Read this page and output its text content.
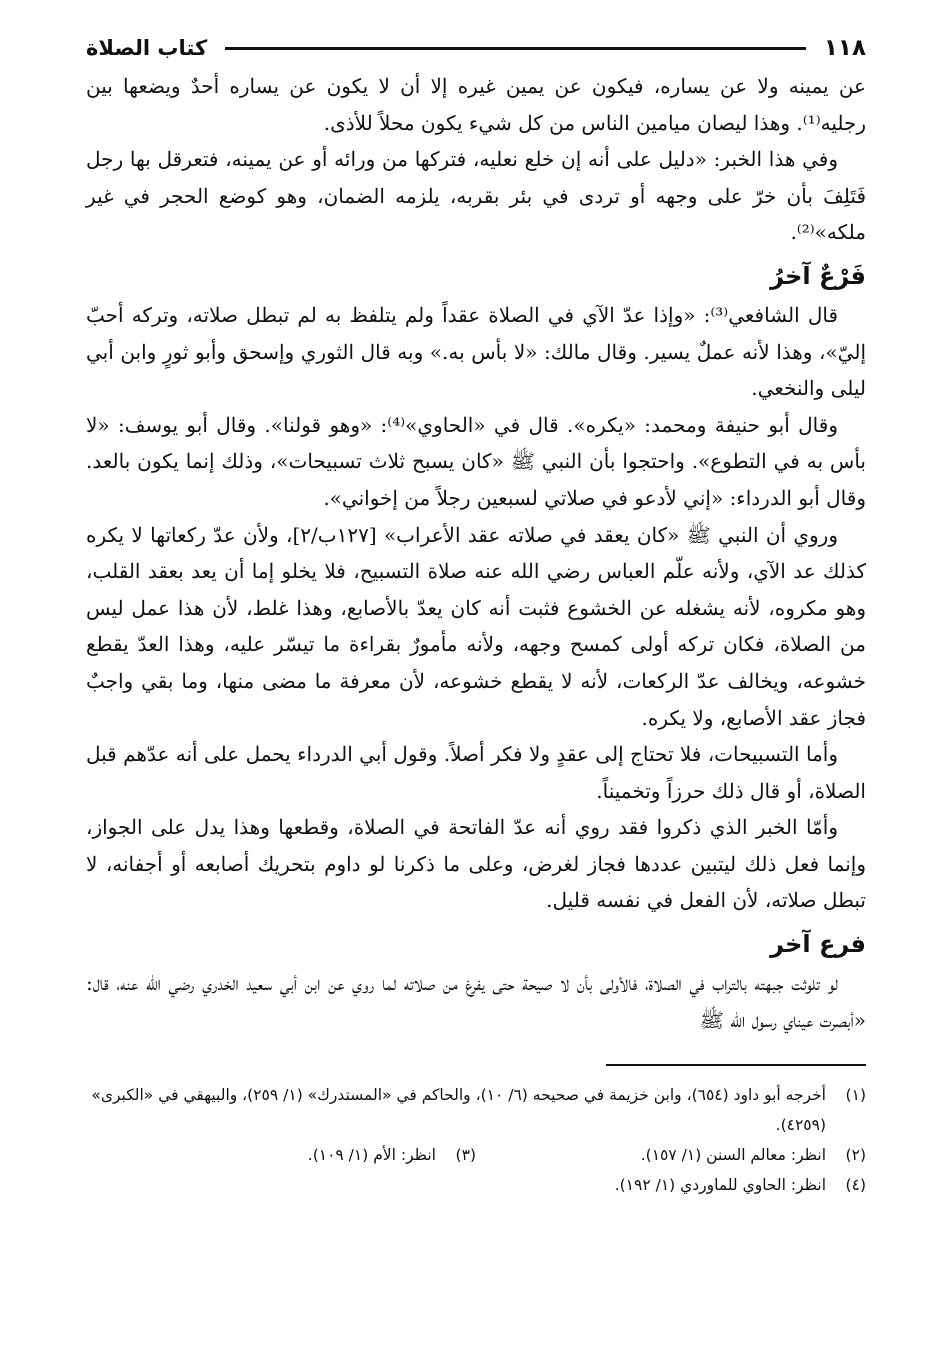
١١٨
كتاب الصلاة

عن يمينه ولا عن يساره، فيكون عن يمين غيره إلا أن لا يكون عن يساره أحدٌ ويضعها بين رجليه⁽¹⁾. وهذا ليصان ميامين الناس من كل شيء يكون محلاً للأذى.

وفي هذا الخبر: «دليل على أنه إن خلع نعليه، فتركها من ورائه أو عن يمينه، فتعرقل بها رجل فَتَلِفَ بأن خرّ على وجهه أو تردى في بئر بقربه، يلزمه الضمان، وهو كوضع الحجر في غير ملكه»⁽²⁾.

فَرْعٌ آخرُ

قال الشافعي⁽³⁾: «وإذا عدّ الآي في الصلاة عقداً ولم يتلفظ به لم تبطل صلاته، وتركه أحبّ إليّ»، وهذا لأنه عملٌ يسير. وقال مالك: «لا بأس به.» وبه قال الثوري وإسحق وأبو ثورٍ وابن أبي ليلى والنخعي.

وقال أبو حنيفة ومحمد: «يكره». قال في «الحاوي»⁽⁴⁾: «وهو قولنا». وقال أبو يوسف: «لا بأس به في التطوع». واحتجوا بأن النبي ﷺ «كان يسبح ثلاث تسبيحات»، وذلك إنما يكون بالعد. وقال أبو الدرداء: «إني لأدعو في صلاتي لسبعين رجلاً من إخواني».

وروي أن النبي ﷺ «كان يعقد في صلاته عقد الأعراب» [١٢٧ب/٢]، ولأن عدّ ركعاتها لا يكره كذلك عد الآي، ولأنه علّم العباس رضي الله عنه صلاة التسبيح، فلا يخلو إما أن يعد بعقد القلب، وهو مكروه، لأنه يشغله عن الخشوع فثبت أنه كان يعدّ بالأصابع، وهذا غلط، لأن هذا عمل ليس من الصلاة، فكان تركه أولى كمسح وجهه، ولأنه مأمورٌ بقراءة ما تيسّر عليه، وهذا العدّ يقطع خشوعه، ويخالف عدّ الركعات، لأنه لا يقطع خشوعه، لأن معرفة ما مضى منها، وما بقي واجبٌ فجاز عقد الأصابع، ولا يكره.

وأما التسبيحات، فلا تحتاج إلى عقدٍ ولا فكر أصلاً. وقول أبي الدرداء يحمل على أنه عدّهم قبل الصلاة، أو قال ذلك حرزاً وتخميناً.

وأمّا الخبر الذي ذكروا فقد روي أنه عدّ الفاتحة في الصلاة، وقطعها وهذا يدل على الجواز، وإنما فعل ذلك ليتبين عددها فجاز لغرض، وعلى ما ذكرنا لو داوم بتحريك أصابعه أو أجفانه، لا تبطل صلاته، لأن الفعل في نفسه قليل.

فرع آخر

لو تلوثت جبهته بالتراب في الصلاة، فالأولى بأن لا صيحة حتى يفرغ من صلاته لما روي عن ابن أبي سعيد الخدري رضي الله عنه، قال: «أبصرت عيناي رسول الله ﷺ

(١)
أخرجه أبو داود (٦٥٤)، وابن خزيمة في صحيحه (٦/ ١٠)، والحاكم في «المستدرك» (١/ ٢٥٩)، والبيهقي في «الكبرى» (٤٢٥٩).
(٢)
انظر: معالم السنن (١/ ١٥٧).
(٣)
انظر: الأم (١/ ١٠٩).
(٤)
انظر: الحاوي للماوردي (١/ ١٩٢).
